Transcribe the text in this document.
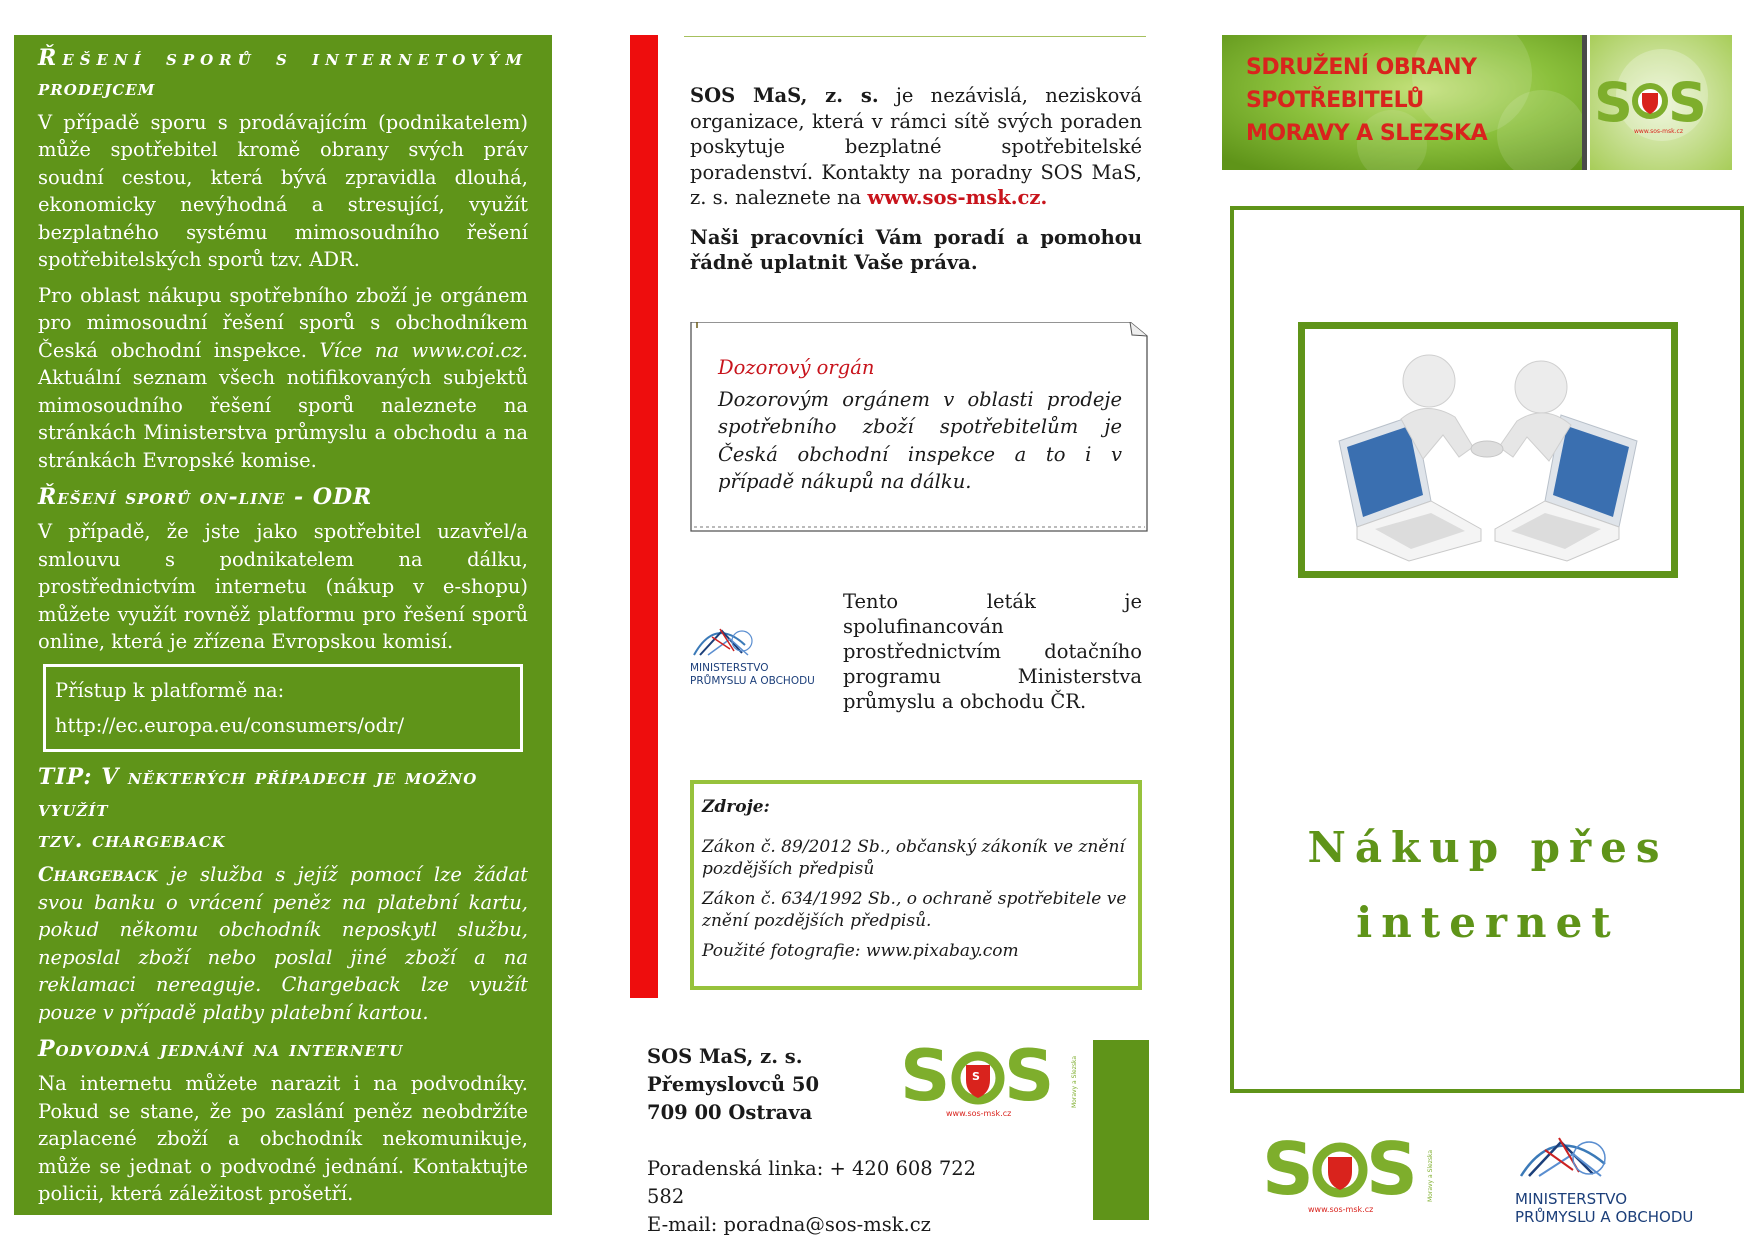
Řešení sporů s internetovým
prodejcem

V případě sporu s prodávajícím (podnikatelem) může spotřebitel kromě obrany svých práv soudní cestou, která bývá zpravidla dlouhá, ekonomicky nevýhodná a stresující, využít bezplatného systému mimosoudního řešení spotřebitelských sporů tzv. ADR.

Pro oblast nákupu spotřebního zboží je orgánem pro mimosoudní řešení sporů s obchodníkem Česká obchodní inspekce. Více na www.coi.cz. Aktuální seznam všech notifikovaných subjektů mimosoudního řešení sporů naleznete na stránkách Ministerstva průmyslu a obchodu a na stránkách Evropské komise.

Řešení sporů on-line - ODR

V případě, že jste jako spotřebitel uzavřel/a smlouvu s podnikatelem na dálku, prostřednictvím internetu (nákup v e-shopu) můžete využít rovněž platformu pro řešení sporů online, která je zřízena Evropskou komisí.

Přístup k platformě na:
http://ec.europa.eu/consumers/odr/
TIP: V některých případech je možno využít
tzv. chargeback

Chargeback je služba s jejíž pomocí lze žádat svou banku o vrácení peněz na platební kartu, pokud někomu obchodník neposkytl službu, neposlal zboží nebo poslal jiné zboží a na reklamaci nereaguje. Chargeback lze využít pouze v případě platby platební kartou.

Podvodná jednání na internetu

Na internetu můžete narazit i na podvodníky. Pokud se stane, že po zaslání peněz neobdržíte zaplacené zboží a obchodník nekomunikuje, může se jednat o podvodné jednání. Kontaktujte policii, která záležitost prošetří.

SOS MaS, z. s. je nezávislá, nezisková organizace, která v rámci sítě svých poraden poskytuje bezplatné spotřebitelské poradenství. Kontakty na poradny SOS MaS, z. s. naleznete na www.sos-msk.cz.

Naši pracovníci Vám poradí a pomohou řádně uplatnit Vaše práva.

Dozorový orgán
Dozorovým orgánem v oblasti prodeje spotřebního zboží spotřebitelům je Česká obchodní inspekce a to i v případě nákupů na dálku.
MINISTERSTVO
PRŮMYSLU A OBCHODU
Tento leták je spolufinancován prostřednictvím dotačního programu Ministerstva průmyslu a obchodu ČR.
Zdroje:
Zákon č. 89/2012 Sb., občanský zákoník ve znění pozdějších předpisů
Zákon č. 634/1992 Sb., o ochraně spotřebitele ve znění pozdějších předpisů.
Použité fotografie: www.pixabay.com
SOS MaS, z. s.
Přemyslovců 50
709 00 Ostrava
Poradenská linka: + 420 608 722 582
E-mail: poradna@sos-msk.cz
S S S
www.sos-msk.cz
Moravy a Slezska
S S
www.sos-msk.cz
SDRUŽENÍ OBRANY
SPOTŘEBITELŮ
MORAVY A SLEZSKA
Nákup přes
internet
S S
www.sos-msk.cz
Moravy a Slezska	MINISTERSTVO
PRŮMYSLU A OBCHODU
